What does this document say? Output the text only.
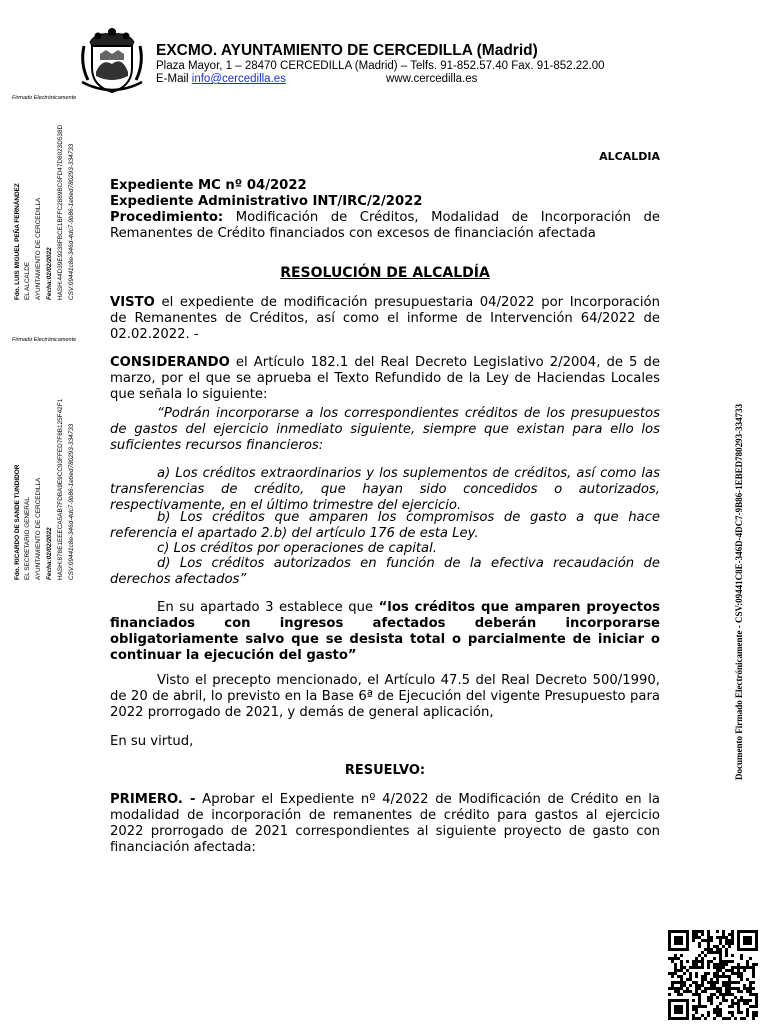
EXCMO. AYUNTAMIENTO DE CERCEDILLA (Madrid)
Plaza Mayor, 1 – 28470 CERCEDILLA (Madrid) – Telfs. 91-852.57.40 Fax. 91-852.22.00
E-Mail info@cercedilla.es	www.cercedilla.es
Firmado Electrónicamente
Fdo. LUIS MIGUEL PEÑA FERNÁNDEZ EL ALCALDE AYUNTAMIENTO DE CERCEDILLA Fecha:02/02/2022 HASH:44D39E9238FBCE1BFFC2889BC6FD47D8023D538D CSV:09441c8e-346d-4dc7-9b86-1ebed780293-334733
Firmado Electrónicamente
Fdo. RICARDO DE SANDE TUNDIDOR EL SECRETARIO GENERAL AYUNTAMIENTO DE CERCEDILLA Fecha:02/02/2022 HASH:878E1EEECA5AB7FDBA9E9CC93FFED7F8B125F42F1 CSV:09441c8e-346d-4dc7-9b86-1ebed780293-334733	Documento Firmado Electrónicamente - CSV:09441C8E-346D-4DC7-9B86-1EBED780293-334733
ALCALDIA
Expediente MC nº 04/2022
Expediente Administrativo INT/IRC/2/2022
Procedimiento: Modificación de Créditos, Modalidad de Incorporación de Remanentes de Crédito financiados con excesos de financiación afectada
RESOLUCIÓN DE ALCALDÍA
VISTO el expediente de modificación presupuestaria 04/2022 por Incorporación de Remanentes de Créditos, así como el informe de Intervención 64/2022 de 02.02.2022. -
CONSIDERANDO el Artículo 182.1 del Real Decreto Legislativo 2/2004, de 5 de marzo, por el que se aprueba el Texto Refundido de la Ley de Haciendas Locales que señala lo siguiente:
“Podrán incorporarse a los correspondientes créditos de los presupuestos de gastos del ejercicio inmediato siguiente, siempre que existan para ello los suficientes recursos financieros:
a) Los créditos extraordinarios y los suplementos de créditos, así como las transferencias de crédito, que hayan sido concedidos o autorizados, respectivamente, en el último trimestre del ejercicio.
b) Los créditos que amparen los compromisos de gasto a que hace referencia el apartado 2.b) del artículo 176 de esta Ley.
c) Los créditos por operaciones de capital.
d) Los créditos autorizados en función de la efectiva recaudación de derechos afectados”
En su apartado 3 establece que “los créditos que amparen proyectos financiados con ingresos afectados deberán incorporarse obligatoriamente salvo que se desista total o parcialmente de iniciar o continuar la ejecución del gasto”
Visto el precepto mencionado, el Artículo 47.5 del Real Decreto 500/1990, de 20 de abril, lo previsto en la Base 6ª de Ejecución del vigente Presupuesto para 2022 prorrogado de 2021, y demás de general aplicación,
En su virtud,
RESUELVO:
PRIMERO. - Aprobar el Expediente nº 4/2022 de Modificación de Crédito en la modalidad de incorporación de remanentes de crédito para gastos al ejercicio 2022 prorrogado de 2021 correspondientes al siguiente proyecto de gasto con financiación afectada:
